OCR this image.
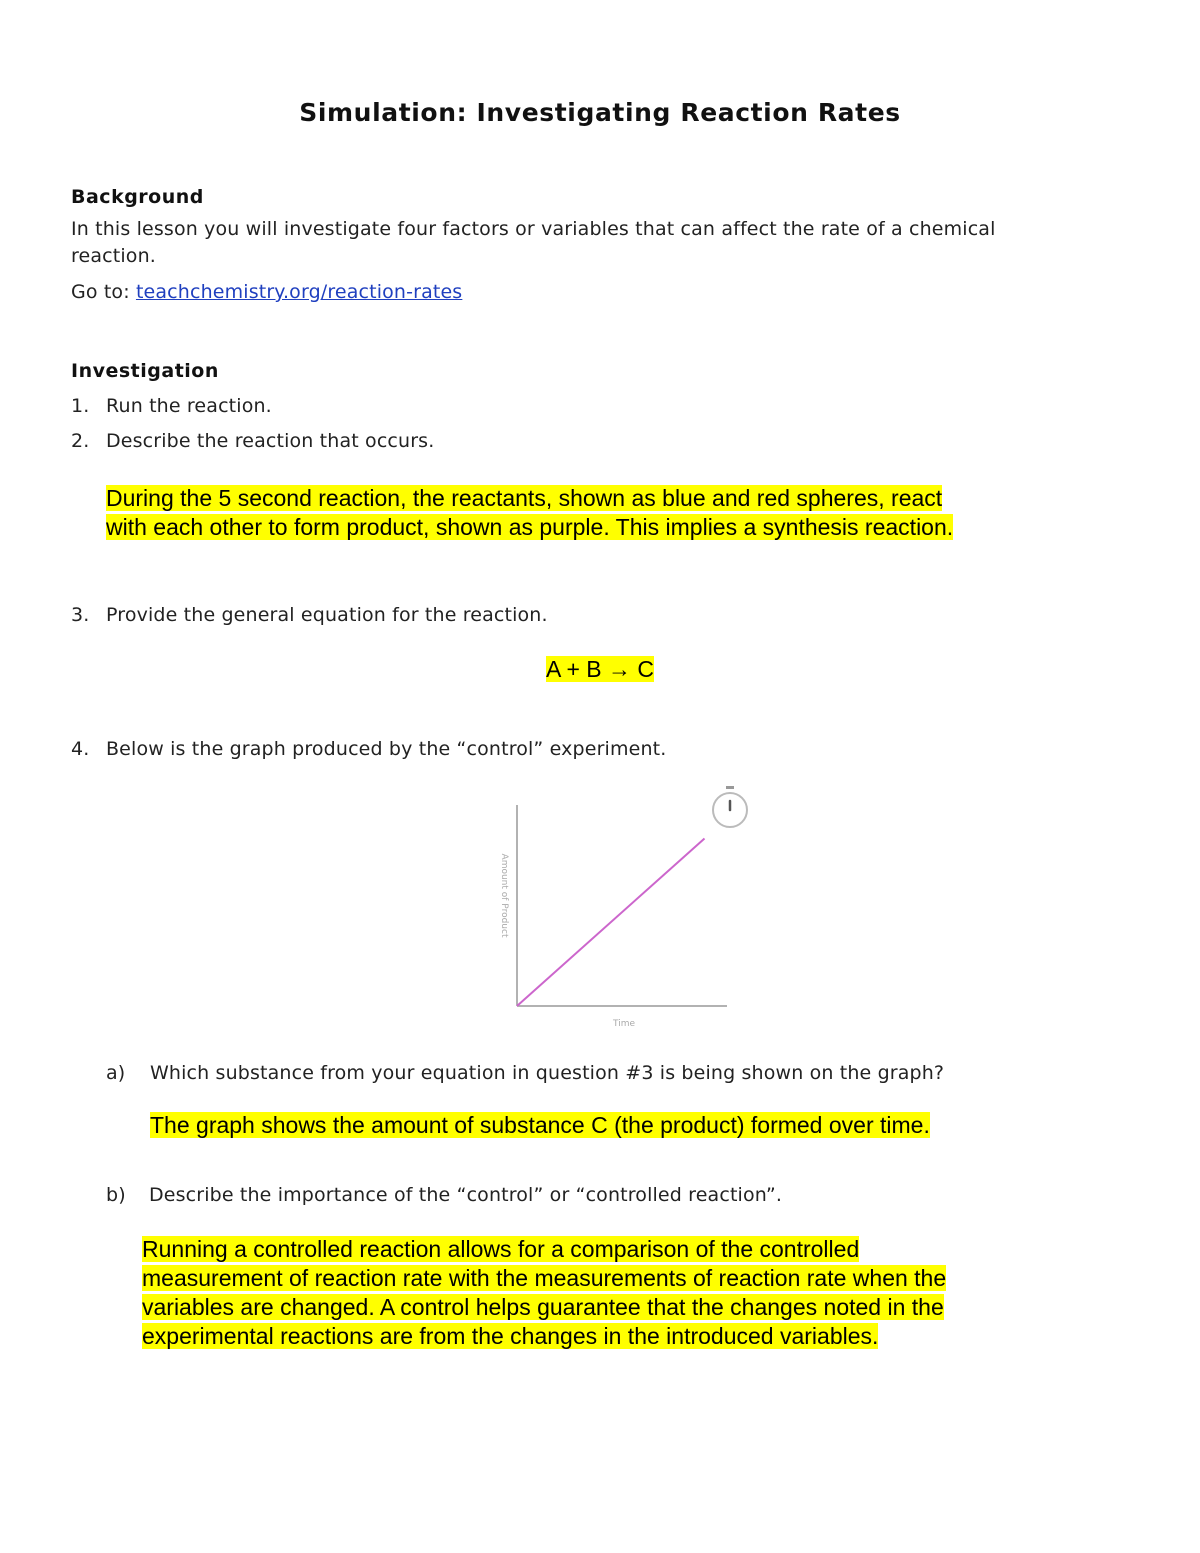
Simulation: Investigating Reaction Rates
Background
In this lesson you will investigate four factors or variables that can affect the rate of a chemical
reaction.
Go to: teachchemistry.org/reaction-rates
Investigation
1. Run the reaction.
2. Describe the reaction that occurs.
During the 5 second reaction, the reactants, shown as blue and red spheres, react
with each other to form product, shown as purple. This implies a synthesis reaction.
3. Provide the general equation for the reaction.
A + B → C
4. Below is the graph produced by the “control” experiment.
Amount of Product
Time
a) Which substance from your equation in question #3 is being shown on the graph?
The graph shows the amount of substance C (the product) formed over time.
b) Describe the importance of the “control” or “controlled reaction”.
Running a controlled reaction allows for a comparison of the controlled
measurement of reaction rate with the measurements of reaction rate when the
variables are changed. A control helps guarantee that the changes noted in the
experimental reactions are from the changes in the introduced variables.
